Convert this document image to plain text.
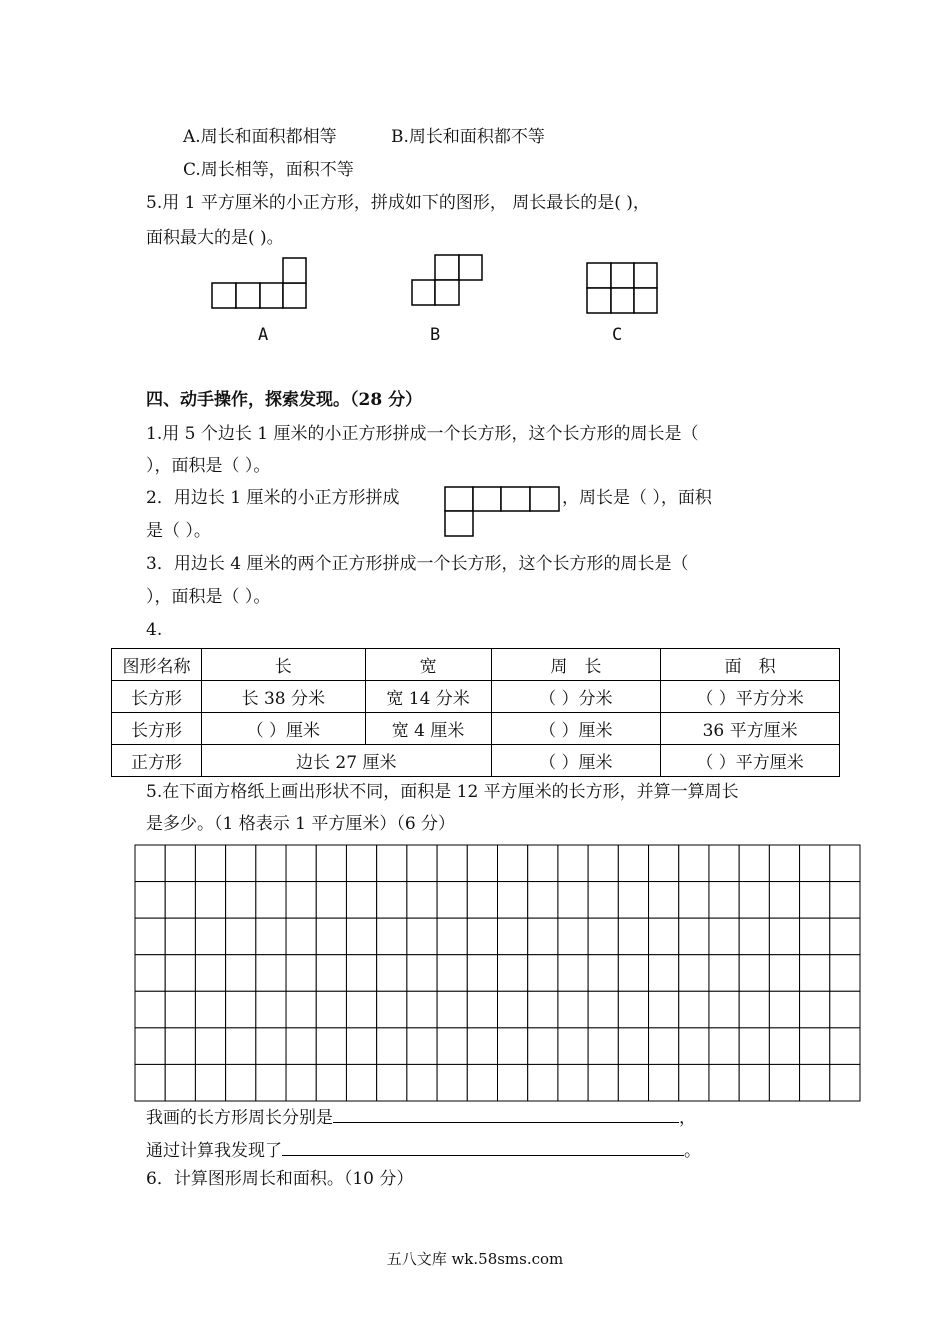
A.周长和面积都相等	B.周长和面积都不等
C.周长相等，面积不等
5.用 1 平方厘米的小正方形，拼成如下的图形， 周长最长的是( )，
面积最大的是( )。
A	B	C
四、动手操作，探索发现。（28 分）
1.用 5 个边长 1 厘米的小正方形拼成一个长方形，这个长方形的周长是（
），面积是（ ）。
2．用边长 1 厘米的小正方形拼成	，周长是（ ），面积
是（ ）。
3．用边长 4 厘米的两个正方形拼成一个长方形，这个长方形的周长是（
），面积是（ ）。
4.
图形名称	长	宽	周　长	面　积
长方形	长 38 分米	宽 14 分米	（ ）分米	（ ）平方分米
长方形	（ ）厘米	宽 4 厘米	（ ）厘米	36 平方厘米
正方形	边长 27 厘米		（ ）厘米	（ ）平方厘米
5.在下面方格纸上画出形状不同，面积是 12 平方厘米的长方形，并算一算周长
是多少。（1 格表示 1 平方厘米）（6 分）
我画的长方形周长分别是	，
通过计算我发现了	。
6．计算图形周长和面积。（10 分）
五八文库 wk.58sms.com
